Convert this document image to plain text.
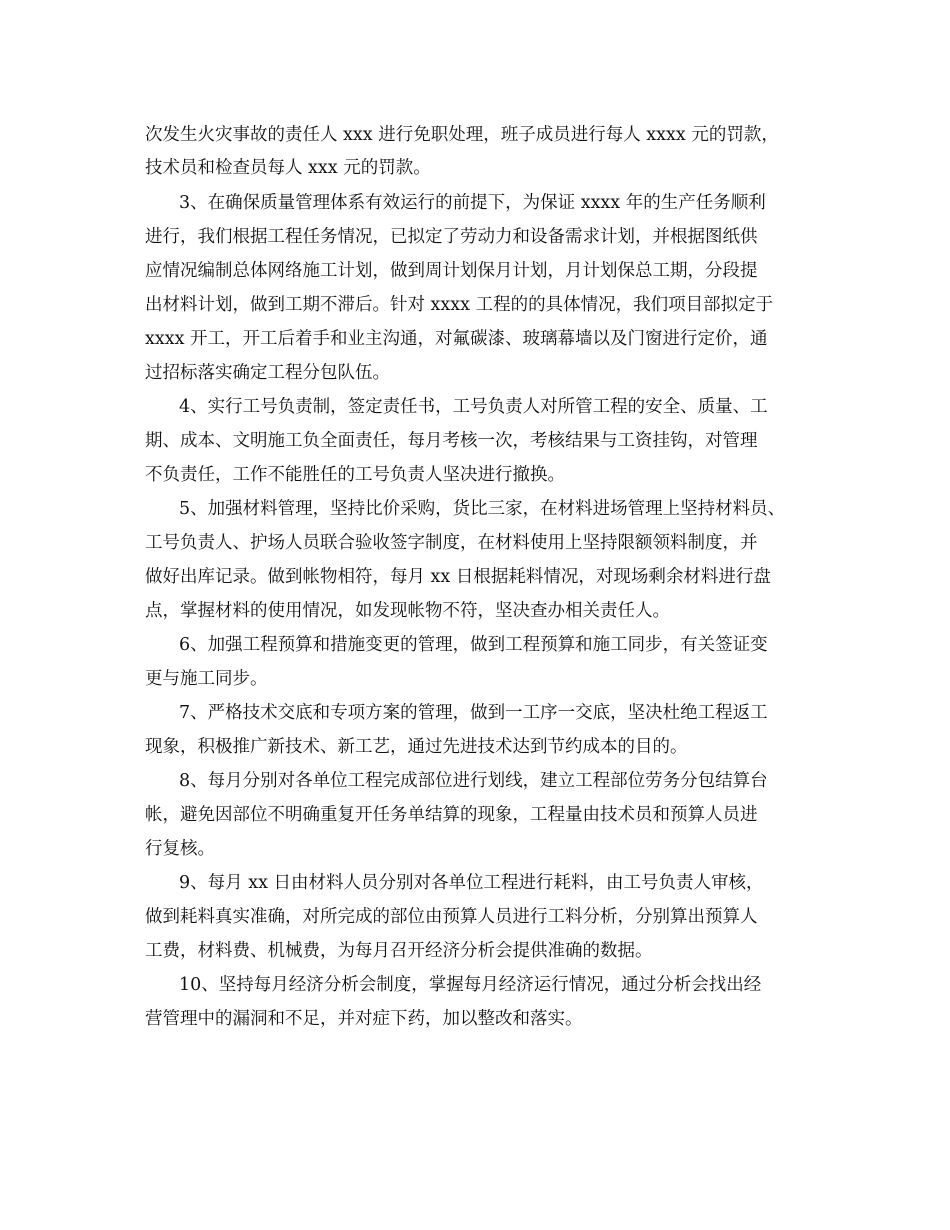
次发生火灾事故的责任人 xxx 进行免职处理，班子成员进行每人 xxxx 元的罚款，
技术员和检查员每人 xxx 元的罚款。
3、在确保质量管理体系有效运行的前提下，为保证 xxxx 年的生产任务顺利
进行，我们根据工程任务情况，已拟定了劳动力和设备需求计划，并根据图纸供
应情况编制总体网络施工计划，做到周计划保月计划，月计划保总工期，分段提
出材料计划，做到工期不滞后。针对 xxxx 工程的的具体情况，我们项目部拟定于
xxxx 开工，开工后着手和业主沟通，对氟碳漆、玻璃幕墙以及门窗进行定价，通
过招标落实确定工程分包队伍。
4、实行工号负责制，签定责任书，工号负责人对所管工程的安全、质量、工
期、成本、文明施工负全面责任，每月考核一次，考核结果与工资挂钩，对管理
不负责任，工作不能胜任的工号负责人坚决进行撤换。
5、加强材料管理，坚持比价采购，货比三家，在材料进场管理上坚持材料员、
工号负责人、护场人员联合验收签字制度，在材料使用上坚持限额领料制度，并
做好出库记录。做到帐物相符，每月 xx 日根据耗料情况，对现场剩余材料进行盘
点，掌握材料的使用情况，如发现帐物不符，坚决查办相关责任人。
6、加强工程预算和措施变更的管理，做到工程预算和施工同步，有关签证变
更与施工同步。
7、严格技术交底和专项方案的管理，做到一工序一交底，坚决杜绝工程返工
现象，积极推广新技术、新工艺，通过先进技术达到节约成本的目的。
8、每月分别对各单位工程完成部位进行划线，建立工程部位劳务分包结算台
帐，避免因部位不明确重复开任务单结算的现象，工程量由技术员和预算人员进
行复核。
9、每月 xx 日由材料人员分别对各单位工程进行耗料，由工号负责人审核，
做到耗料真实准确，对所完成的部位由预算人员进行工料分析，分别算出预算人
工费，材料费、机械费，为每月召开经济分析会提供准确的数据。
10、坚持每月经济分析会制度，掌握每月经济运行情况，通过分析会找出经
营管理中的漏洞和不足，并对症下药，加以整改和落实。
